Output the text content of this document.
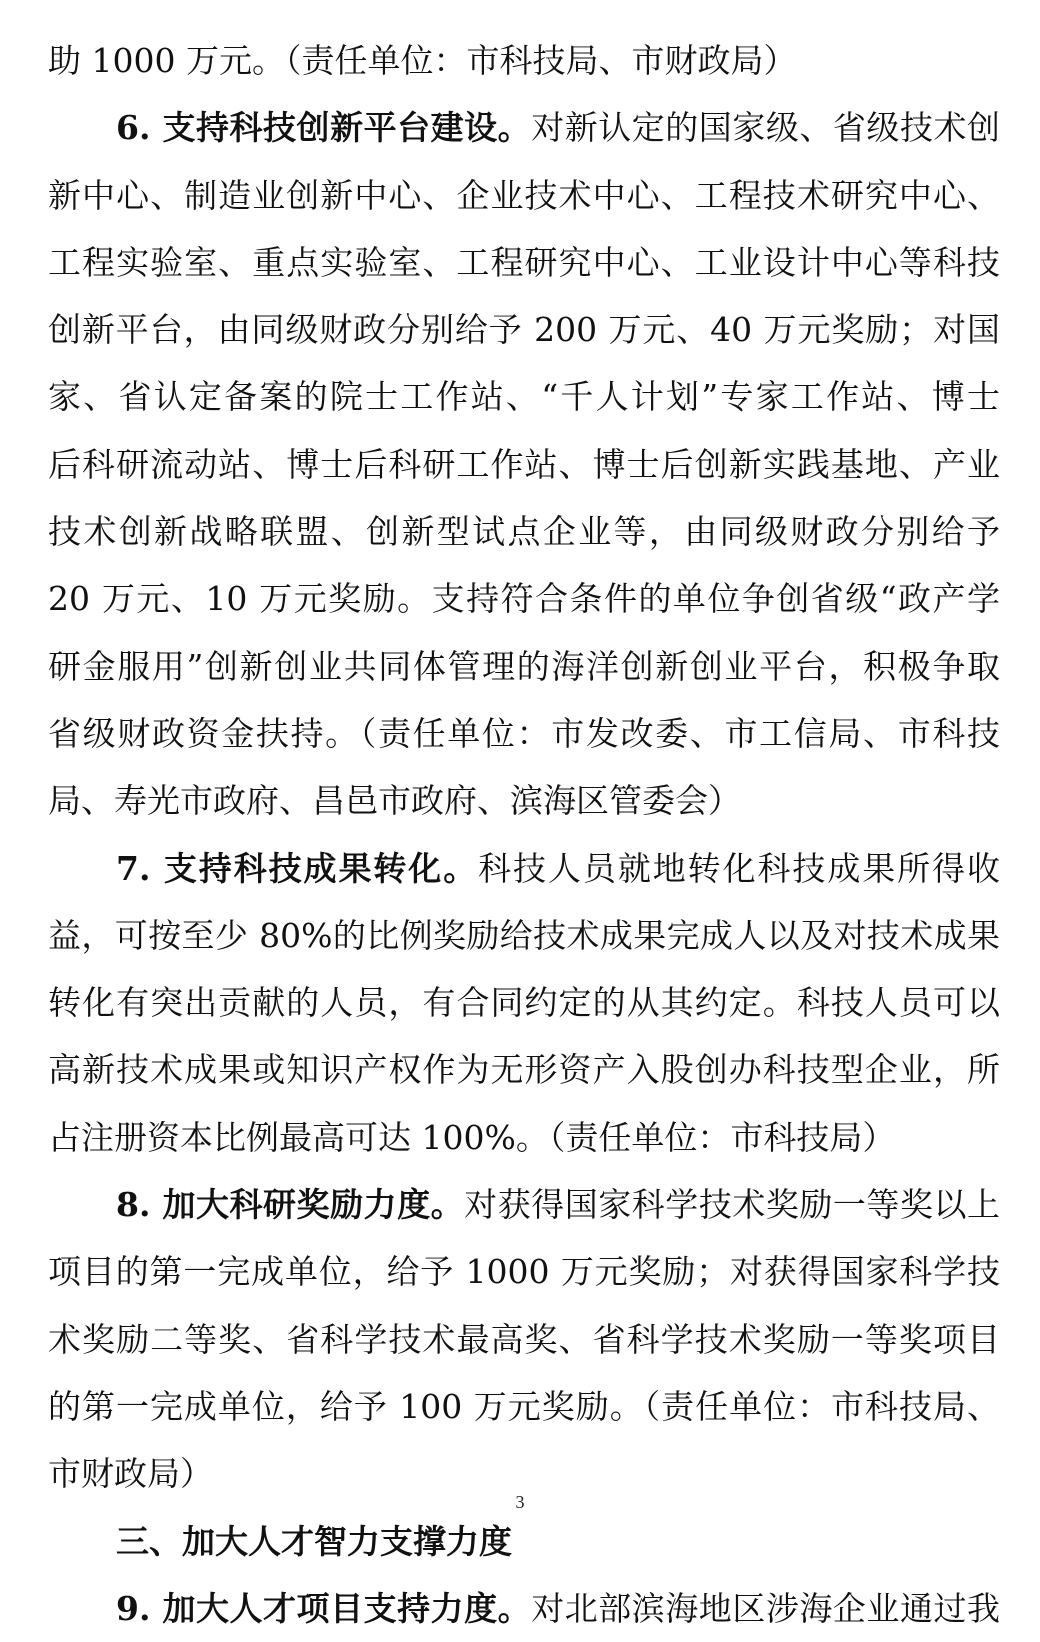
助 1000 万元。（责任单位：市科技局、市财政局）
6. 支持科技创新平台建设。对新认定的国家级、省级技术创
新中心、制造业创新中心、企业技术中心、工程技术研究中心、
工程实验室、重点实验室、工程研究中心、工业设计中心等科技
创新平台，由同级财政分别给予 200 万元、40 万元奖励；对国
家、省认定备案的院士工作站、“千人计划”专家工作站、博士
后科研流动站、博士后科研工作站、博士后创新实践基地、产业
技术创新战略联盟、创新型试点企业等，由同级财政分别给予
20 万元、10 万元奖励。支持符合条件的单位争创省级“政产学
研金服用”创新创业共同体管理的海洋创新创业平台，积极争取
省级财政资金扶持。（责任单位：市发改委、市工信局、市科技
局、寿光市政府、昌邑市政府、滨海区管委会）
7. 支持科技成果转化。科技人员就地转化科技成果所得收
益，可按至少 80%的比例奖励给技术成果完成人以及对技术成果
转化有突出贡献的人员，有合同约定的从其约定。科技人员可以
高新技术成果或知识产权作为无形资产入股创办科技型企业，所
占注册资本比例最高可达 100%。（责任单位：市科技局）
8. 加大科研奖励力度。对获得国家科学技术奖励一等奖以上
项目的第一完成单位，给予 1000 万元奖励；对获得国家科学技
术奖励二等奖、省科学技术最高奖、省科学技术奖励一等奖项目
的第一完成单位，给予 100 万元奖励。（责任单位：市科技局、
市财政局）
三、加大人才智力支撑力度
9. 加大人才项目支持力度。对北部滨海地区涉海企业通过我
3
